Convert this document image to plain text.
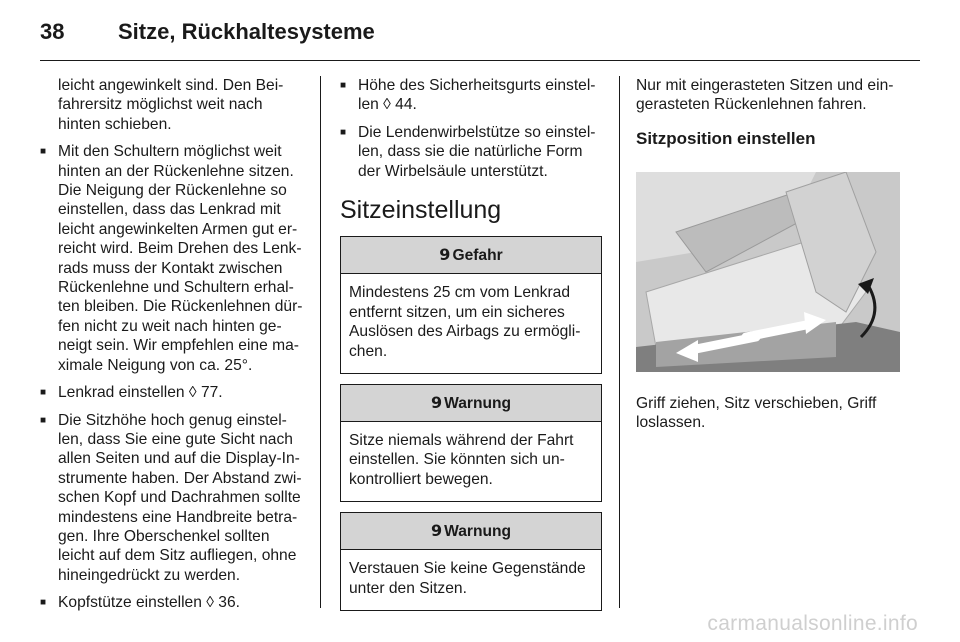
38	Sitze, Rückhaltesysteme

leicht angewinkelt sind. Den Bei-fahrersitz möglichst weit nach hinten schieben.

■ Mit den Schultern möglichst weit hinten an der Rückenlehne sitzen. Die Neigung der Rückenlehne so einstellen, dass das Lenkrad mit leicht angewinkelten Armen gut er-reicht wird. Beim Drehen des Lenk-rads muss der Kontakt zwischen Rückenlehne und Schultern erhal-ten bleiben. Die Rückenlehnen dür-fen nicht zu weit nach hinten ge-neigt sein. Wir empfehlen eine ma-ximale Neigung von ca. 25°.
■ Lenkrad einstellen ◊ 77.
■ Die Sitzhöhe hoch genug einstel-len, dass Sie eine gute Sicht nach allen Seiten und auf die Display-In-strumente haben. Der Abstand zwi-schen Kopf und Dachrahmen sollte mindestens eine Handbreite betra-gen. Ihre Oberschenkel sollten leicht auf dem Sitz aufliegen, ohne hineingedrückt zu werden.
■ Kopfstütze einstellen ◊ 36.
■ Höhe des Sicherheitsgurts einstel-len ◊ 44.
■ Die Lendenwirbelstütze so einstel-len, dass sie die natürliche Form der Wirbelsäule unterstützt.
Sitzeinstellung
9 Gefahr
Mindestens 25 cm vom Lenkrad entfernt sitzen, um ein sicheres Auslösen des Airbags zu ermögli-chen.
9 Warnung
Sitze niemals während der Fahrt einstellen. Sie könnten sich un-kontrolliert bewegen.
9 Warnung
Verstauen Sie keine Gegenstände unter den Sitzen.

Nur mit eingerasteten Sitzen und ein-gerasteten Rückenlehnen fahren.

Sitzposition einstellen

Griff ziehen, Sitz verschieben, Griff loslassen.

carmanualsonline.info
